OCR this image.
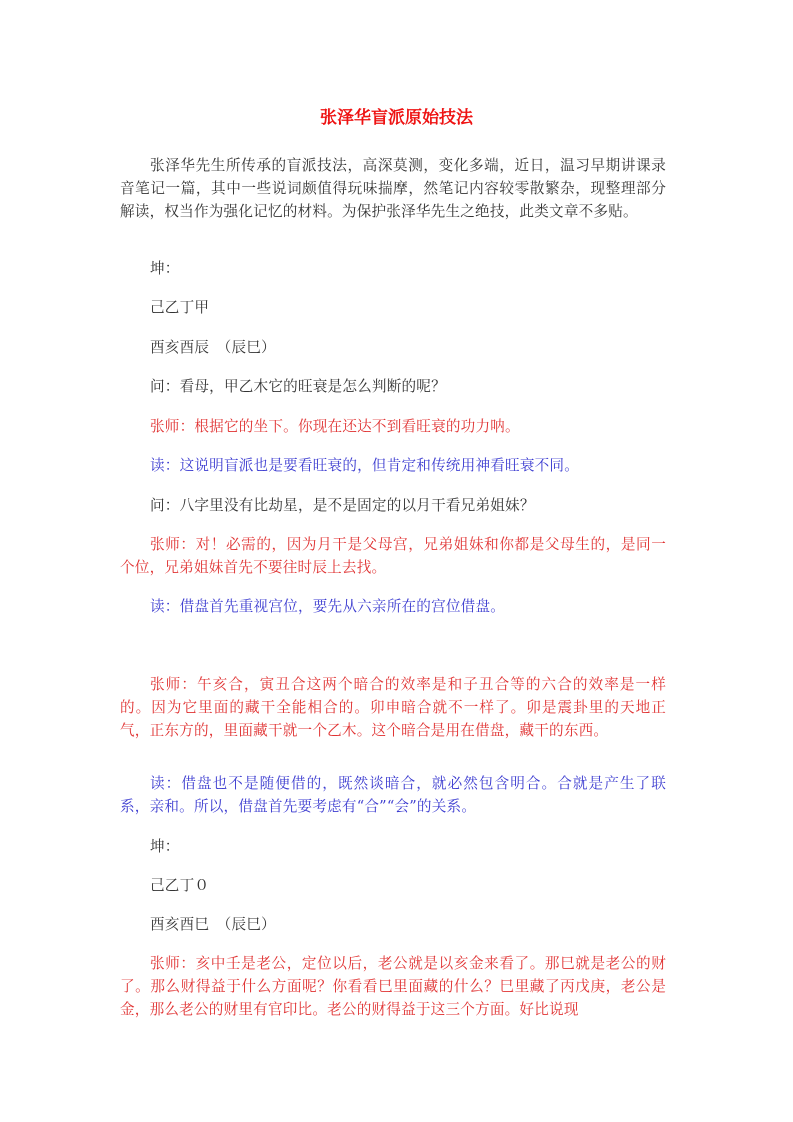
张泽华盲派原始技法

张泽华先生所传承的盲派技法，高深莫测，变化多端，近日，温习早期讲课录音笔记一篇，其中一些说词颇值得玩味揣摩，然笔记内容较零散繁杂，现整理部分解读，权当作为强化记忆的材料。为保护张泽华先生之绝技，此类文章不多贴。

坤：

己乙丁甲

酉亥酉辰　（辰巳）

问：看母，甲乙木它的旺衰是怎么判断的呢？

张师：根据它的坐下。你现在还达不到看旺衰的功力呐。

读：这说明盲派也是要看旺衰的，但肯定和传统用神看旺衰不同。

问：八字里没有比劫星，是不是固定的以月干看兄弟姐妹？

张师：对！必需的，因为月干是父母宫，兄弟姐妹和你都是父母生的，是同一个位，兄弟姐妹首先不要往时辰上去找。

读：借盘首先重视宫位，要先从六亲所在的宫位借盘。

张师：午亥合，寅丑合这两个暗合的效率是和子丑合等的六合的效率是一样的。因为它里面的藏干全能相合的。卯申暗合就不一样了。卯是震卦里的天地正气，正东方的，里面藏干就一个乙木。这个暗合是用在借盘，藏干的东西。

读：借盘也不是随便借的，既然谈暗合，就必然包含明合。合就是产生了联系，亲和。所以，借盘首先要考虑有“合”“会”的关系。

坤：

己乙丁０

酉亥酉巳　（辰巳）

张师：亥中壬是老公，定位以后，老公就是以亥金来看了。那巳就是老公的财了。那么财得益于什么方面呢？你看看巳里面藏的什么？巳里藏了丙戊庚，老公是金，那么老公的财里有官印比。老公的财得益于这三个方面。好比说现
